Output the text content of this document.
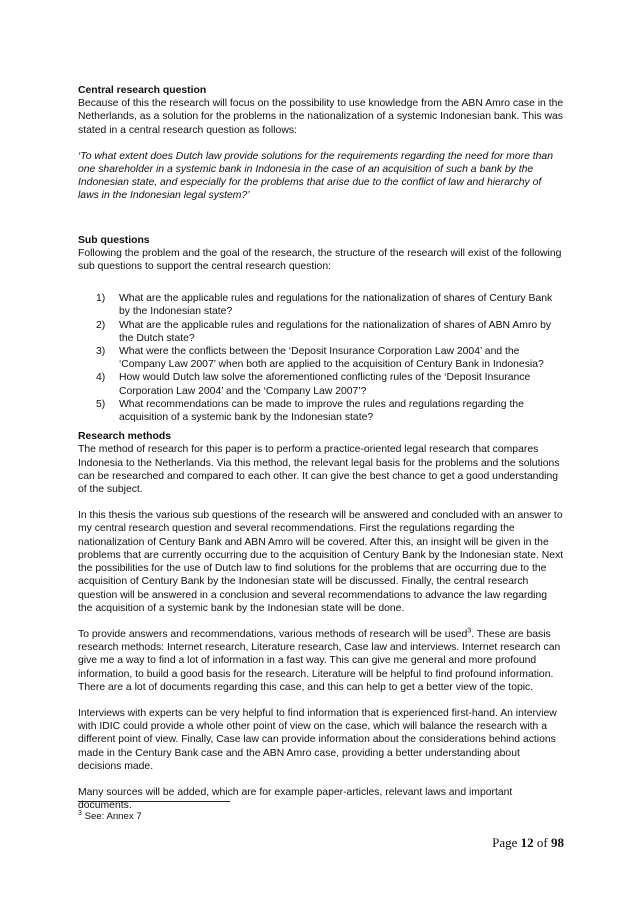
Central research question

Because of this the research will focus on the possibility to use knowledge from the ABN Amro case in the Netherlands, as a solution for the problems in the nationalization of a systemic Indonesian bank. This was stated in a central research question as follows:

‘To what extent does Dutch law provide solutions for the requirements regarding the need for more than one shareholder in a systemic bank in Indonesia in the case of an acquisition of such a bank by the Indonesian state, and especially for the problems that arise due to the conflict of law and hierarchy of laws in the Indonesian legal system?’

Sub questions

Following the problem and the goal of the research, the structure of the research will exist of the following sub questions to support the central research question:

1) What are the applicable rules and regulations for the nationalization of shares of Century Bank by the Indonesian state?
2) What are the applicable rules and regulations for the nationalization of shares of ABN Amro by the Dutch state?
3) What were the conflicts between the ‘Deposit Insurance Corporation Law 2004’ and the ‘Company Law 2007’ when both are applied to the acquisition of Century Bank in Indonesia?
4) How would Dutch law solve the aforementioned conflicting rules of the ‘Deposit Insurance Corporation Law 2004’ and the ‘Company Law 2007’?
5) What recommendations can be made to improve the rules and regulations regarding the acquisition of a systemic bank by the Indonesian state?

Research methods

The method of research for this paper is to perform a practice-oriented legal research that compares Indonesia to the Netherlands. Via this method, the relevant legal basis for the problems and the solutions can be researched and compared to each other. It can give the best chance to get a good understanding of the subject.

In this thesis the various sub questions of the research will be answered and concluded with an answer to my central research question and several recommendations. First the regulations regarding the nationalization of Century Bank and ABN Amro will be covered. After this, an insight will be given in the problems that are currently occurring due to the acquisition of Century Bank by the Indonesian state. Next the possibilities for the use of Dutch law to find solutions for the problems that are occurring due to the acquisition of Century Bank by the Indonesian state will be discussed. Finally, the central research question will be answered in a conclusion and several recommendations to advance the law regarding the acquisition of a systemic bank by the Indonesian state will be done.

To provide answers and recommendations, various methods of research will be used$^3$. These are basis research methods: Internet research, Literature research, Case law and interviews. Internet research can give me a way to find a lot of information in a fast way. This can give me general and more profound information, to build a good basis for the research. Literature will be helpful to find profound information. There are a lot of documents regarding this case, and this can help to get a better view of the topic.

Interviews with experts can be very helpful to find information that is experienced first-hand. An interview with IDIC could provide a whole other point of view on the case, which will balance the research with a different point of view. Finally, Case law can provide information about the considerations behind actions made in the Century Bank case and the ABN Amro case, providing a better understanding about decisions made.

Many sources will be added, which are for example paper-articles, relevant laws and important documents.

$^3$ See: Annex 7
Page 12 of 98
